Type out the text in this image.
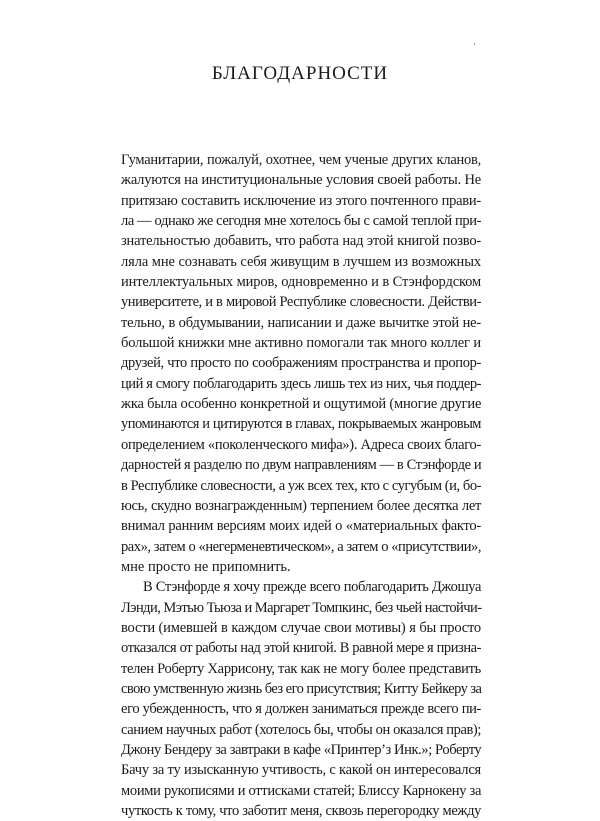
·
БЛАГОДАРНОСТИ
Гуманитарии, пожалуй, охотнее, чем ученые других кланов,
жалуются на институциональные условия своей работы. Не
притязаю составить исключение из этого почтенного прави-
ла — однако же сегодня мне хотелось бы с самой теплой при-
знательностью добавить, что работа над этой книгой позво-
ляла мне сознавать себя живущим в лучшем из возможных
интеллектуальных миров, одновременно и в Стэнфордском
университете, и в мировой Республике словесности. Действи-
тельно, в обдумывании, написании и даже вычитке этой не-
большой книжки мне активно помогали так много коллег и
друзей, что просто по соображениям пространства и пропор-
ций я смогу поблагодарить здесь лишь тех из них, чья поддер-
жка была особенно конкретной и ощутимой (многие другие
упоминаются и цитируются в главах, покрываемых жанровым
определением «поколенческого мифа»). Адреса своих благо-
дарностей я разделю по двум направлениям — в Стэнфорде и
в Республике словесности, а уж всех тех, кто с сугубым (и, бо-
юсь, скудно вознагражденным) терпением более десятка лет
внимал ранним версиям моих идей о «материальных факто-
рах», затем о «негерменевтическом», а затем о «присутствии»,
мне просто не припомнить.
В Стэнфорде я хочу прежде всего поблагодарить Джошуа
Лэнди, Мэтью Тьюза и Маргарет Томпкинс, без чьей настойчи-
вости (имевшей в каждом случае свои мотивы) я бы просто
отказался от работы над этой книгой. В равной мере я призна-
телен Роберту Харрисону, так как не могу более представить
свою умственную жизнь без его присутствия; Китту Бейкеру за
его убежденность, что я должен заниматься прежде всего пи-
санием научных работ (хотелось бы, чтобы он оказался прав);
Джону Бендеру за завтраки в кафе «Принтер’з Инк.»; Роберту
Бачу за ту изысканную учтивость, с какой он интересовался
моими рукописями и оттисками статей; Блиссу Карнокену за
чуткость к тому, что заботит меня, сквозь перегородку между
